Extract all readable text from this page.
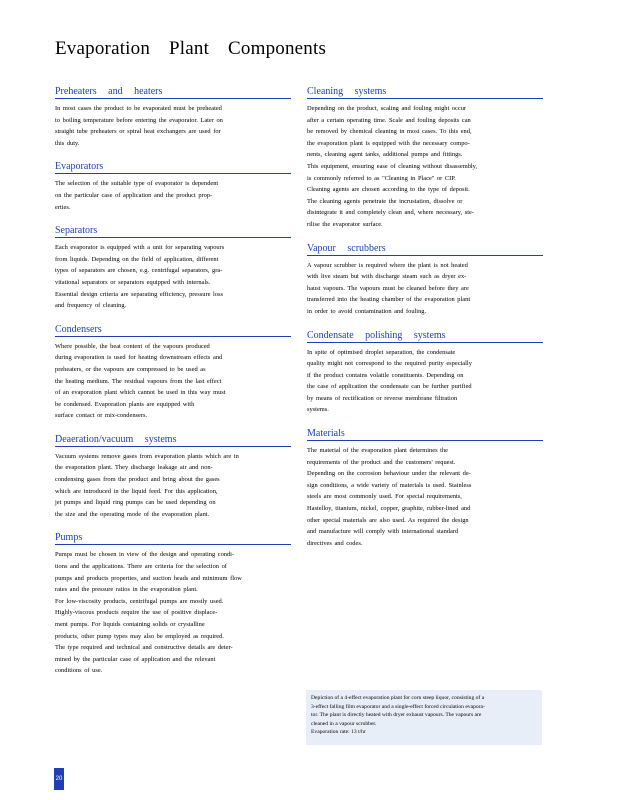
Evaporation Plant Components
Preheaters and heaters

In most cases the product to be evaporated must be preheated

to boiling temperature before entering the evaporator. Later on

straight tube preheaters or spiral heat exchangers are used for

this duty.

Evaporators

The selection of the suitable type of evaporator is dependent

on the particular case of application and the product prop-

erties.

Separators

Each evaporator is equipped with a unit for separating vapours

from liquids. Depending on the field of application, different

types of separators are chosen, e.g. centrifugal separators, gra-

vitational separators or separators equipped with internals.

Essential design criteria are separating efficiency, pressure loss

and frequency of cleaning.

Condensers

Where possible, the heat content of the vapours produced

during evaporation is used for heating downstream effects and

preheaters, or the vapours are compressed to be used as

the heating medium. The residual vapours from the last effect

of an evaporation plant which cannot be used in this way must

be condensed. Evaporation plants are equipped with

surface contact or mix-condensers.

Deaeration/vacuum systems

Vacuum systems remove gases from evaporation plants which are in

the evaporation plant. They discharge leakage air and non-

condensing gases from the product and bring about the gases

which are introduced in the liquid feed. For this application,

jet pumps and liquid ring pumps can be used depending on

the size and the operating mode of the evaporation plant.

Pumps

Pumps must be chosen in view of the design and operating condi-

tions and the applications. There are criteria for the selection of

pumps and products properties, and suction heads and minimum flow

rates and the pressure ratios in the evaporation plant.

For low-viscosity products, centrifugal pumps are mostly used.

Highly-viscous products require the use of positive displace-

ment pumps. For liquids containing solids or crystalline

products, other pump types may also be employed as required.

The type required and technical and constructive details are deter-

mined by the particular case of application and the relevant

conditions of use.

Cleaning systems

Depending on the product, scaling and fouling might occur

after a certain operating time. Scale and fouling deposits can

be removed by chemical cleaning in most cases. To this end,

the evaporation plant is equipped with the necessary compo-

nents, cleaning agent tanks, additional pumps and fittings.

This equipment, ensuring ease of cleaning without disassembly,

is commonly referred to as "Cleaning in Place" or CIP.

Cleaning agents are chosen according to the type of deposit.

The cleaning agents penetrate the incrustation, dissolve or

disintegrate it and completely clean and, where necessary, ste-

rilise the evaporator surface.

Vapour scrubbers

A vapour scrubber is required where the plant is not heated

with live steam but with discharge steam such as dryer ex-

haust vapours. The vapours must be cleaned before they are

transferred into the heating chamber of the evaporation plant

in order to avoid contamination and fouling.

Condensate polishing systems

In spite of optimised droplet separation, the condensate

quality might not correspond to the required purity especially

if the product contains volatile constituents. Depending on

the case of application the condensate can be further purified

by means of rectification or reverse membrane filtration

systems.

Materials

The material of the evaporation plant determines the

requirements of the product and the customers' request.

Depending on the corrosion behaviour under the relevant de-

sign conditions, a wide variety of materials is used. Stainless

steels are most commonly used. For special requirements,

Hastelloy, titanium, nickel, copper, graphite, rubber-lined and

other special materials are also used. As required the design

and manufacture will comply with international standard

directives and codes.

Depiction of a 4-effect evaporation plant for corn steep liquor, consisting of a

3-effect falling film evaporator and a single-effect forced circulation evapora-

tor. The plant is directly heated with dryer exhaust vapours. The vapours are

cleaned in a vapour scrubber.

Evaporation rate: 13 t/hr

20
